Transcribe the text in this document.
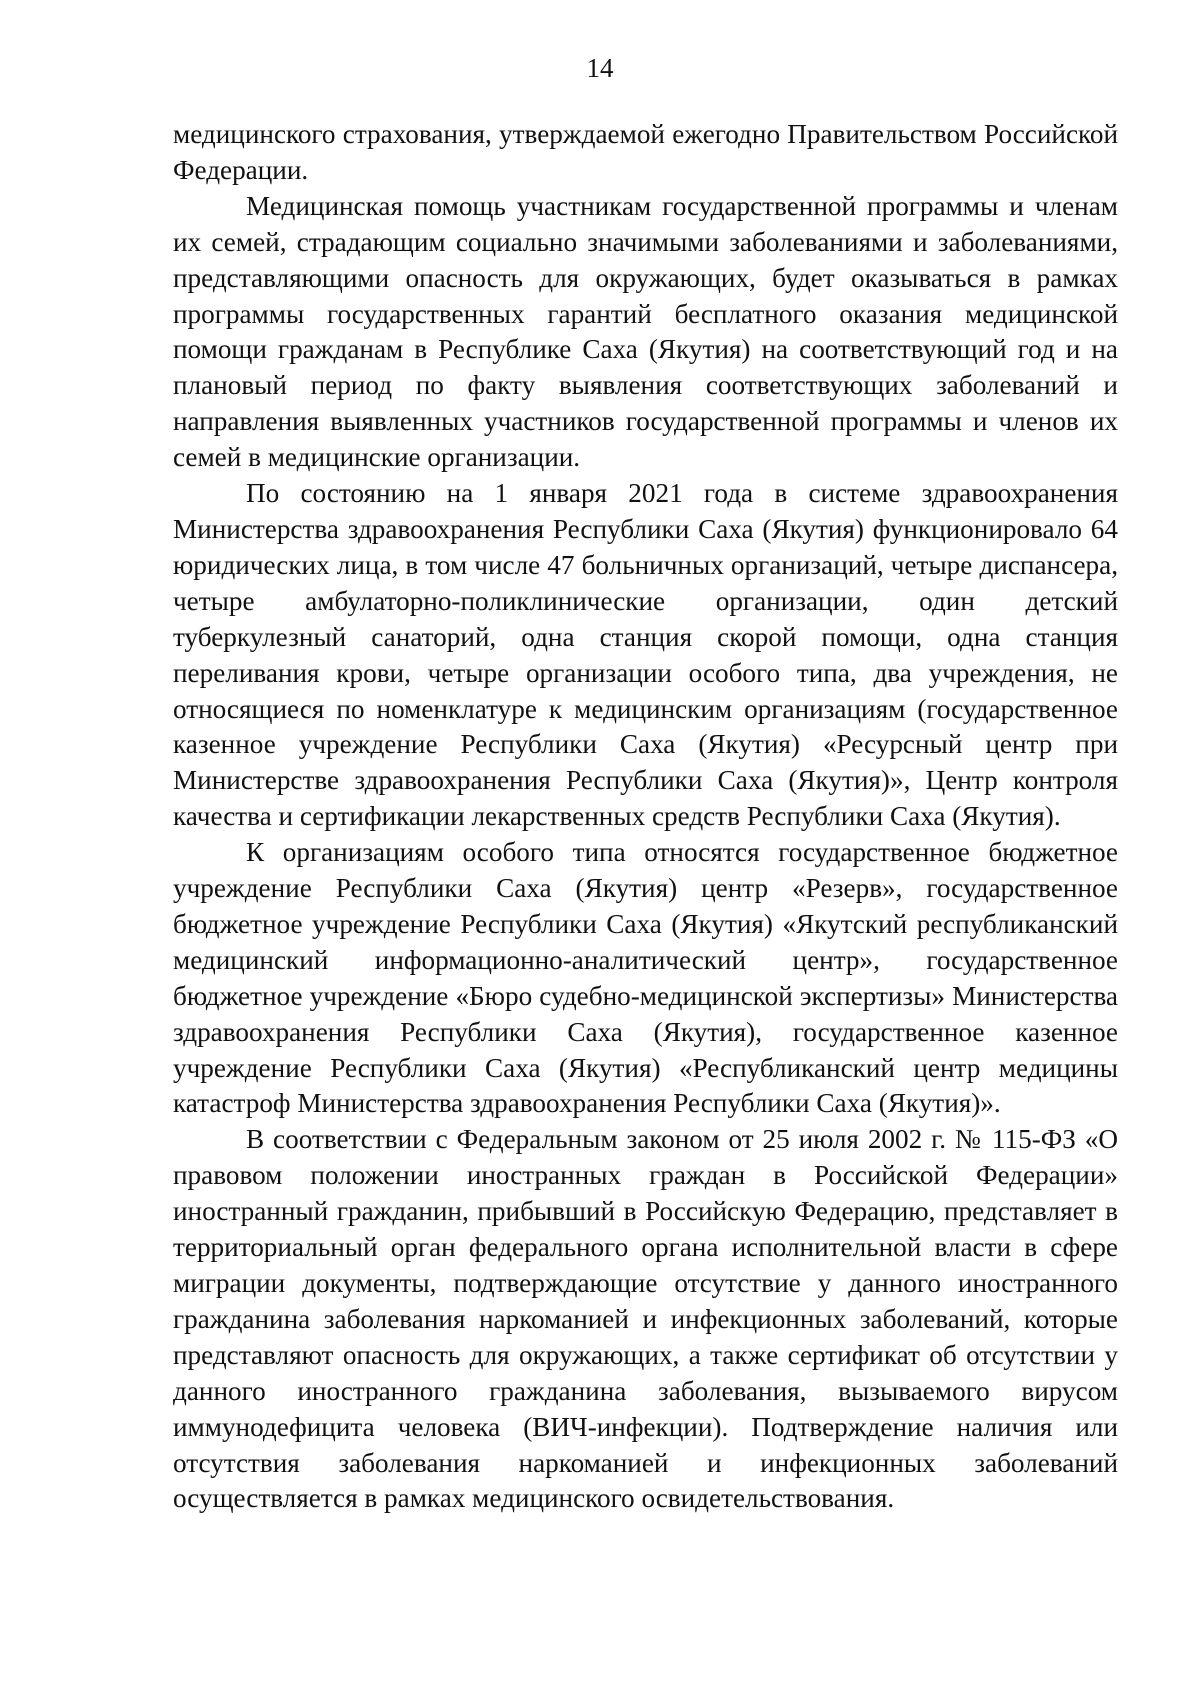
14

медицинского страхования, утверждаемой ежегодно Правительством Российской Федерации.

Медицинская помощь участникам государственной программы и членам их семей, страдающим социально значимыми заболеваниями и заболеваниями, представляющими опасность для окружающих, будет оказываться в рамках программы государственных гарантий бесплатного оказания медицинской помощи гражданам в Республике Саха (Якутия) на соответствующий год и на плановый период по факту выявления соответствующих заболеваний и направления выявленных участников государственной программы и членов их семей в медицинские организации.

По состоянию на 1 января 2021 года в системе здравоохранения Министерства здравоохранения Республики Саха (Якутия) функционировало 64 юридических лица, в том числе 47 больничных организаций, четыре диспансера, четыре амбулаторно-поликлинические организации, один детский туберкулезный санаторий, одна станция скорой помощи, одна станция переливания крови, четыре организации особого типа, два учреждения, не относящиеся по номенклатуре к медицинским организациям (государственное казенное учреждение Республики Саха (Якутия) «Ресурсный центр при Министерстве здравоохранения Республики Саха (Якутия)», Центр контроля качества и сертификации лекарственных средств Республики Саха (Якутия).

К организациям особого типа относятся государственное бюджетное учреждение Республики Саха (Якутия) центр «Резерв», государственное бюджетное учреждение Республики Саха (Якутия) «Якутский республиканский медицинский информационно-аналитический центр», государственное бюджетное учреждение «Бюро судебно-медицинской экспертизы» Министерства здравоохранения Республики Саха (Якутия), государственное казенное учреждение Республики Саха (Якутия) «Республиканский центр медицины катастроф Министерства здравоохранения Республики Саха (Якутия)».

В соответствии с Федеральным законом от 25 июля 2002 г. № 115-ФЗ «О правовом положении иностранных граждан в Российской Федерации» иностранный гражданин, прибывший в Российскую Федерацию, представляет в территориальный орган федерального органа исполнительной власти в сфере миграции документы, подтверждающие отсутствие у данного иностранного гражданина заболевания наркоманией и инфекционных заболеваний, которые представляют опасность для окружающих, а также сертификат об отсутствии у данного иностранного гражданина заболевания, вызываемого вирусом иммунодефицита человека (ВИЧ-инфекции). Подтверждение наличия или отсутствия заболевания наркоманией и инфекционных заболеваний осуществляется в рамках медицинского освидетельствования.
